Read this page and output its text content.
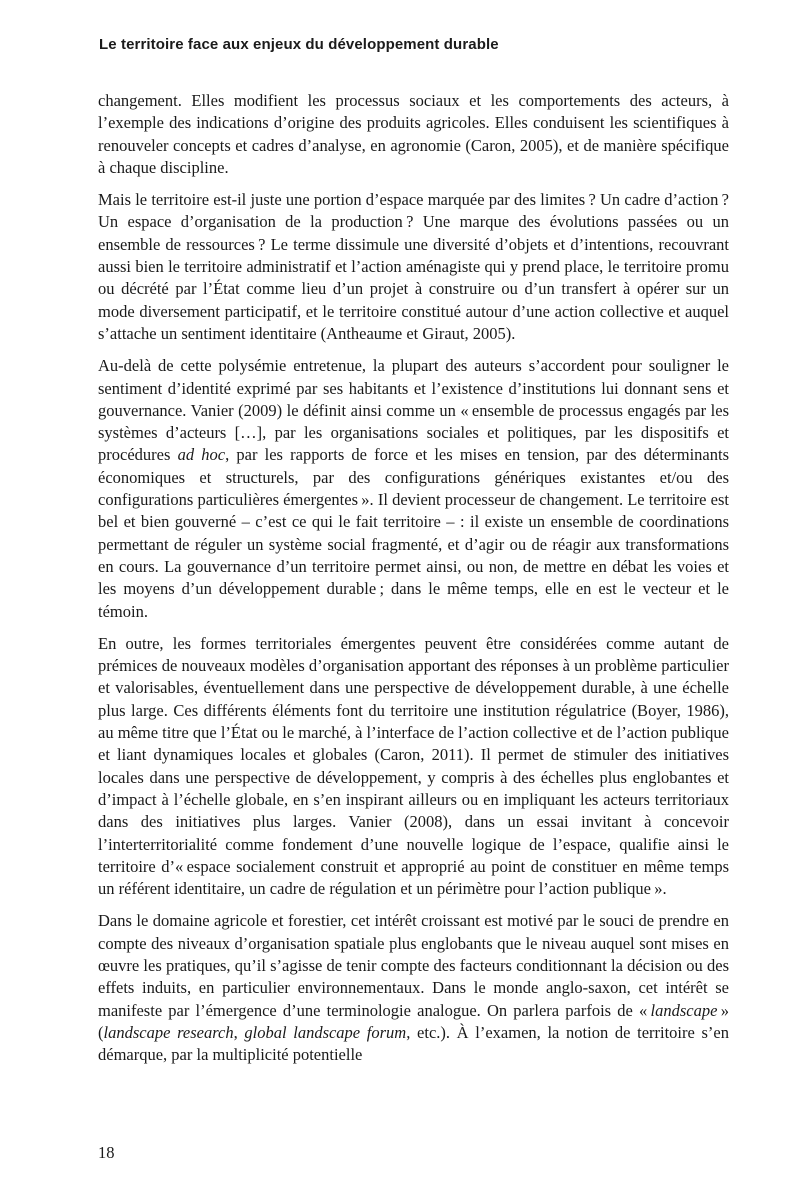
Le territoire face aux enjeux du développement durable

changement. Elles modifient les processus sociaux et les comportements des acteurs, à l’exemple des indications d’origine des produits agricoles. Elles conduisent les scientifiques à renouveler concepts et cadres d’analyse, en agronomie (Caron, 2005), et de manière spécifique à chaque discipline.

Mais le territoire est-il juste une portion d’espace marquée par des limites ? Un cadre d’action ? Un espace d’organisation de la production ? Une marque des évolutions passées ou un ensemble de ressources ? Le terme dissimule une diversité d’objets et d’intentions, recouvrant aussi bien le territoire administratif et l’action aménagiste qui y prend place, le territoire promu ou décrété par l’État comme lieu d’un projet à construire ou d’un transfert à opérer sur un mode diversement participatif, et le territoire constitué autour d’une action collective et auquel s’attache un sentiment identitaire (Antheaume et Giraut, 2005).

Au-delà de cette polysémie entretenue, la plupart des auteurs s’accordent pour souligner le sentiment d’identité exprimé par ses habitants et l’existence d’institutions lui donnant sens et gouvernance. Vanier (2009) le définit ainsi comme un « ensemble de processus engagés par les systèmes d’acteurs […], par les organisations sociales et politiques, par les dispositifs et procédures ad hoc, par les rapports de force et les mises en tension, par des déterminants économiques et structurels, par des configurations génériques existantes et/ou des configurations particulières émergentes ». Il devient processeur de changement. Le territoire est bel et bien gouverné – c’est ce qui le fait territoire – : il existe un ensemble de coordinations permettant de réguler un système social fragmenté, et d’agir ou de réagir aux transformations en cours. La gouvernance d’un territoire permet ainsi, ou non, de mettre en débat les voies et les moyens d’un développement durable ; dans le même temps, elle en est le vecteur et le témoin.

En outre, les formes territoriales émergentes peuvent être considérées comme autant de prémices de nouveaux modèles d’organisation apportant des réponses à un problème particulier et valorisables, éventuellement dans une perspective de développement durable, à une échelle plus large. Ces différents éléments font du territoire une institution régulatrice (Boyer, 1986), au même titre que l’État ou le marché, à l’interface de l’action collective et de l’action publique et liant dynamiques locales et globales (Caron, 2011). Il permet de stimuler des initiatives locales dans une perspective de développement, y compris à des échelles plus englobantes et d’impact à l’échelle globale, en s’en inspirant ailleurs ou en impliquant les acteurs territoriaux dans des initiatives plus larges. Vanier (2008), dans un essai invitant à concevoir l’interterritorialité comme fondement d’une nouvelle logique de l’espace, qualifie ainsi le territoire d’« espace socialement construit et approprié au point de constituer en même temps un référent identitaire, un cadre de régulation et un périmètre pour l’action publique ».

Dans le domaine agricole et forestier, cet intérêt croissant est motivé par le souci de prendre en compte des niveaux d’organisation spatiale plus englobants que le niveau auquel sont mises en œuvre les pratiques, qu’il s’agisse de tenir compte des facteurs conditionnant la décision ou des effets induits, en particulier environnementaux. Dans le monde anglo-saxon, cet intérêt se manifeste par l’émergence d’une terminologie analogue. On parlera parfois de « landscape » (landscape research, global landscape forum, etc.). À l’examen, la notion de territoire s’en démarque, par la multiplicité potentielle

18
